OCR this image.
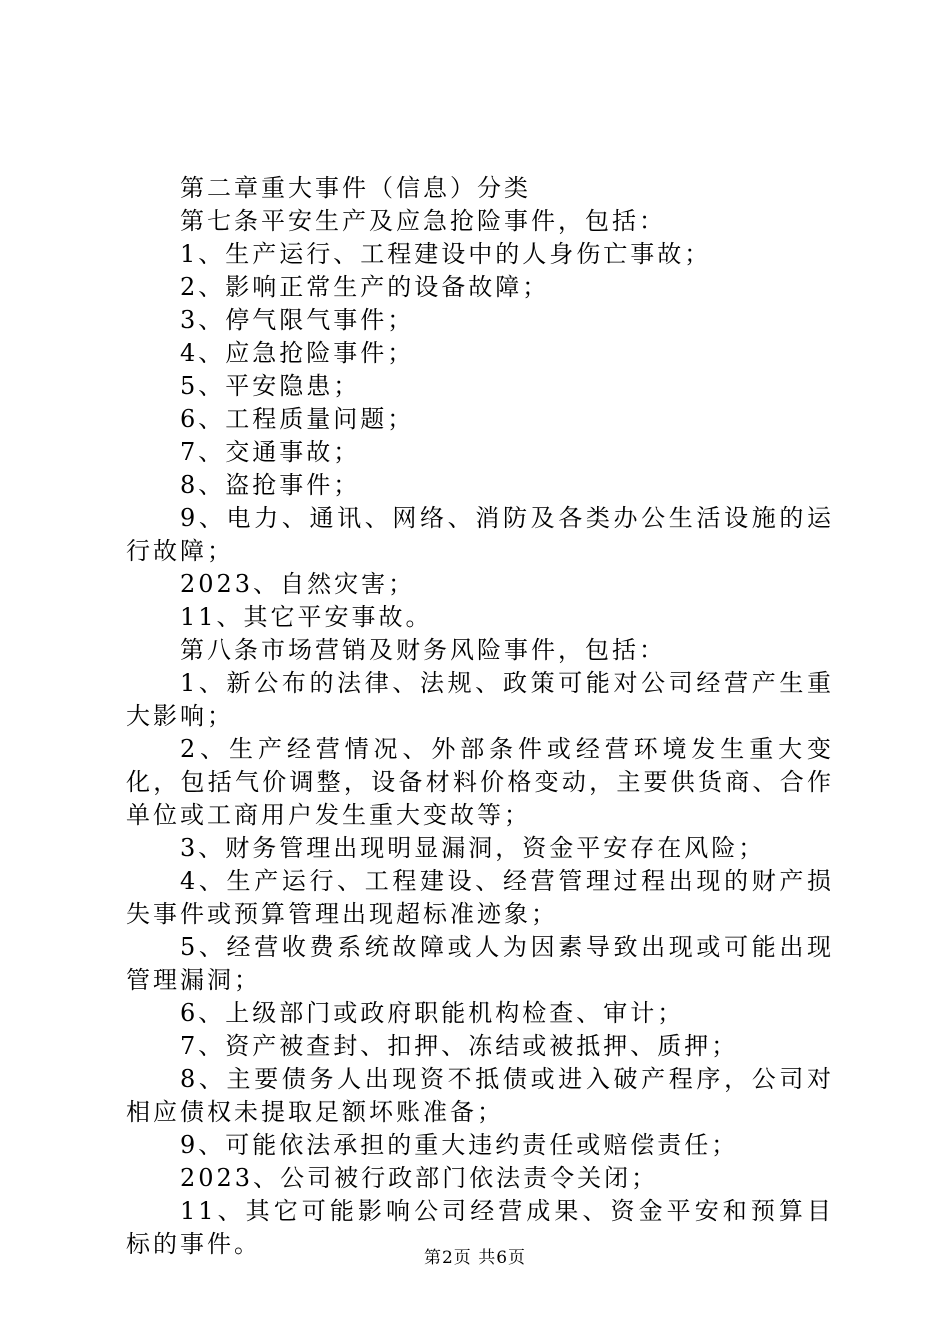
第二章重大事件（信息）分类

第七条平安生产及应急抢险事件，包括：

1、生产运行、工程建设中的人身伤亡事故；

2、影响正常生产的设备故障；

3、停气限气事件；

4、应急抢险事件；

5、平安隐患；

6、工程质量问题；

7、交通事故；

8、盗抢事件；

9、电力、通讯、网络、消防及各类办公生活设施的运行故障；

2023、自然灾害；

11、其它平安事故。

第八条市场营销及财务风险事件，包括：

1、新公布的法律、法规、政策可能对公司经营产生重大影响；

2、生产经营情况、外部条件或经营环境发生重大变化，包括气价调整，设备材料价格变动，主要供货商、合作单位或工商用户发生重大变故等；

3、财务管理出现明显漏洞，资金平安存在风险；

4、生产运行、工程建设、经营管理过程出现的财产损失事件或预算管理出现超标准迹象；

5、经营收费系统故障或人为因素导致出现或可能出现管理漏洞；

6、上级部门或政府职能机构检查、审计；

7、资产被查封、扣押、冻结或被抵押、质押；

8、主要债务人出现资不抵债或进入破产程序，公司对相应债权未提取足额坏账准备；

9、可能依法承担的重大违约责任或赔偿责任；

2023、公司被行政部门依法责令关闭；

11、其它可能影响公司经营成果、资金平安和预算目标的事件。	第2页 共6页
